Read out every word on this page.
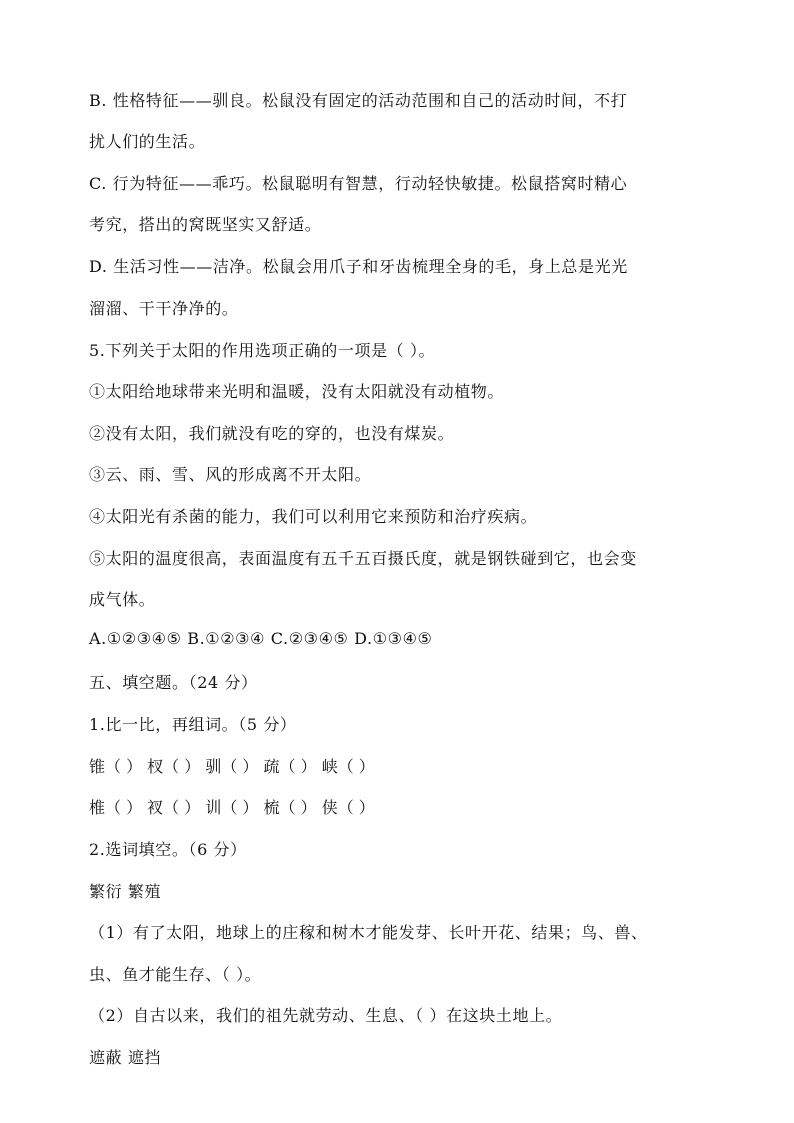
B. 性格特征——驯良。松鼠没有固定的活动范围和自己的活动时间，不打
扰人们的生活。
C. 行为特征——乖巧。松鼠聪明有智慧，行动轻快敏捷。松鼠搭窝时精心
考究，搭出的窝既坚实又舒适。
D. 生活习性——洁净。松鼠会用爪子和牙齿梳理全身的毛，身上总是光光
溜溜、干干净净的。
5.下列关于太阳的作用选项正确的一项是（ ）。
①太阳给地球带来光明和温暖，没有太阳就没有动植物。
②没有太阳，我们就没有吃的穿的，也没有煤炭。
③云、雨、雪、风的形成离不开太阳。
④太阳光有杀菌的能力，我们可以利用它来预防和治疗疾病。
⑤太阳的温度很高，表面温度有五千五百摄氏度，就是钢铁碰到它，也会变
成气体。
A.①②③④⑤ B.①②③④ C.②③④⑤ D.①③④⑤
五、填空题。（24 分）
1.比一比，再组词。（5 分）
锥（ ） 杈（ ） 驯（ ） 疏（ ） 峡（ ）
椎（ ） 衩（ ） 训（ ） 梳（ ） 侠（ ）
2.选词填空。（6 分）
繁衍 繁殖
（1）有了太阳，地球上的庄稼和树木才能发芽、长叶开花、结果；鸟、兽、
虫、鱼才能生存、（ ）。
（2）自古以来，我们的祖先就劳动、生息、（ ）在这块土地上。
遮蔽 遮挡
